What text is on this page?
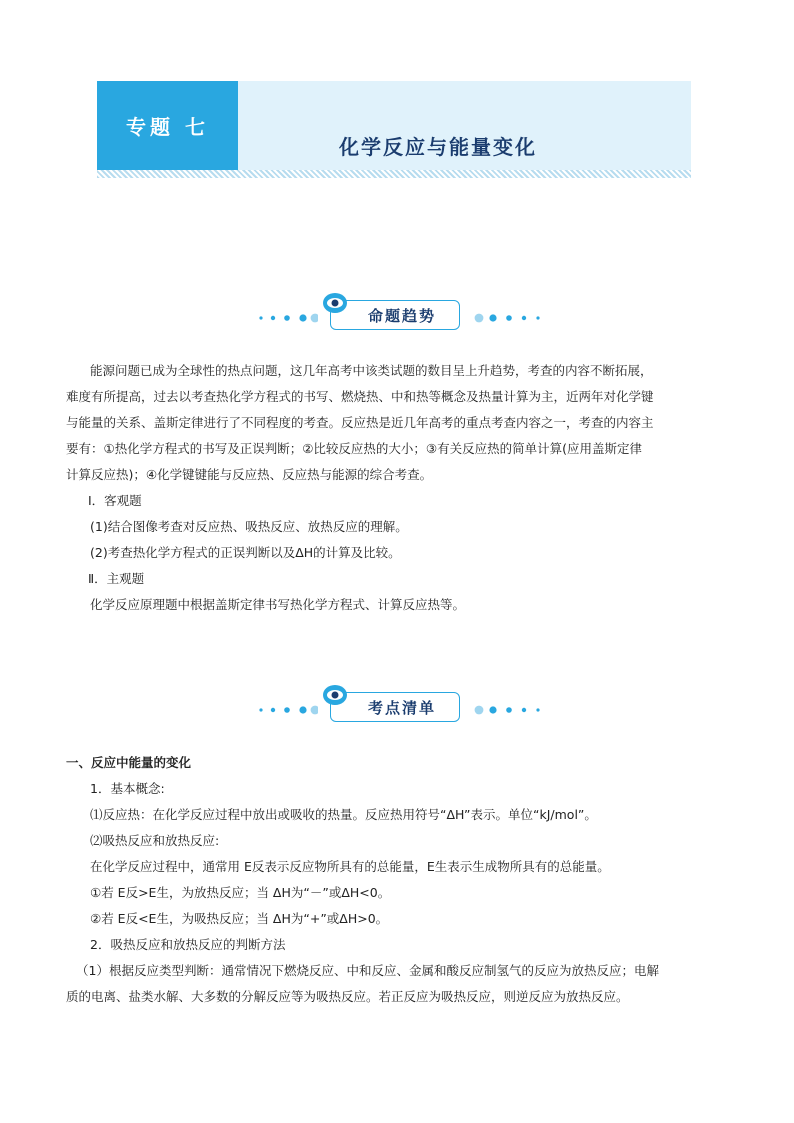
专题 七
化学反应与能量变化
命题趋势
能源问题已成为全球性的热点问题，这几年高考中该类试题的数目呈上升趋势，考查的内容不断拓展，
难度有所提高，过去以考查热化学方程式的书写、燃烧热、中和热等概念及热量计算为主，近两年对化学键
与能量的关系、盖斯定律进行了不同程度的考查。反应热是近几年高考的重点考查内容之一，考查的内容主
要有：①热化学方程式的书写及正误判断；②比较反应热的大小；③有关反应热的简单计算(应用盖斯定律
计算反应热)；④化学键键能与反应热、反应热与能源的综合考查。
Ⅰ．客观题
(1)结合图像考查对反应热、吸热反应、放热反应的理解。
(2)考查热化学方程式的正误判断以及ΔH的计算及比较。
Ⅱ．主观题
化学反应原理题中根据盖斯定律书写热化学方程式、计算反应热等。
考点清单
一、反应中能量的变化
1．基本概念:
⑴反应热：在化学反应过程中放出或吸收的热量。反应热用符号“ΔH”表示。单位“kJ/mol”。
⑵吸热反应和放热反应:
在化学反应过程中，通常用 E反表示反应物所具有的总能量，E生表示生成物所具有的总能量。
①若 E反>E生，为放热反应；当 ΔH为“－”或ΔH<0。
②若 E反<E生，为吸热反应；当 ΔH为“+”或ΔH>0。
2．吸热反应和放热反应的判断方法
（1）根据反应类型判断：通常情况下燃烧反应、中和反应、金属和酸反应制氢气的反应为放热反应；电解
质的电离、盐类水解、大多数的分解反应等为吸热反应。若正反应为吸热反应，则逆反应为放热反应。
